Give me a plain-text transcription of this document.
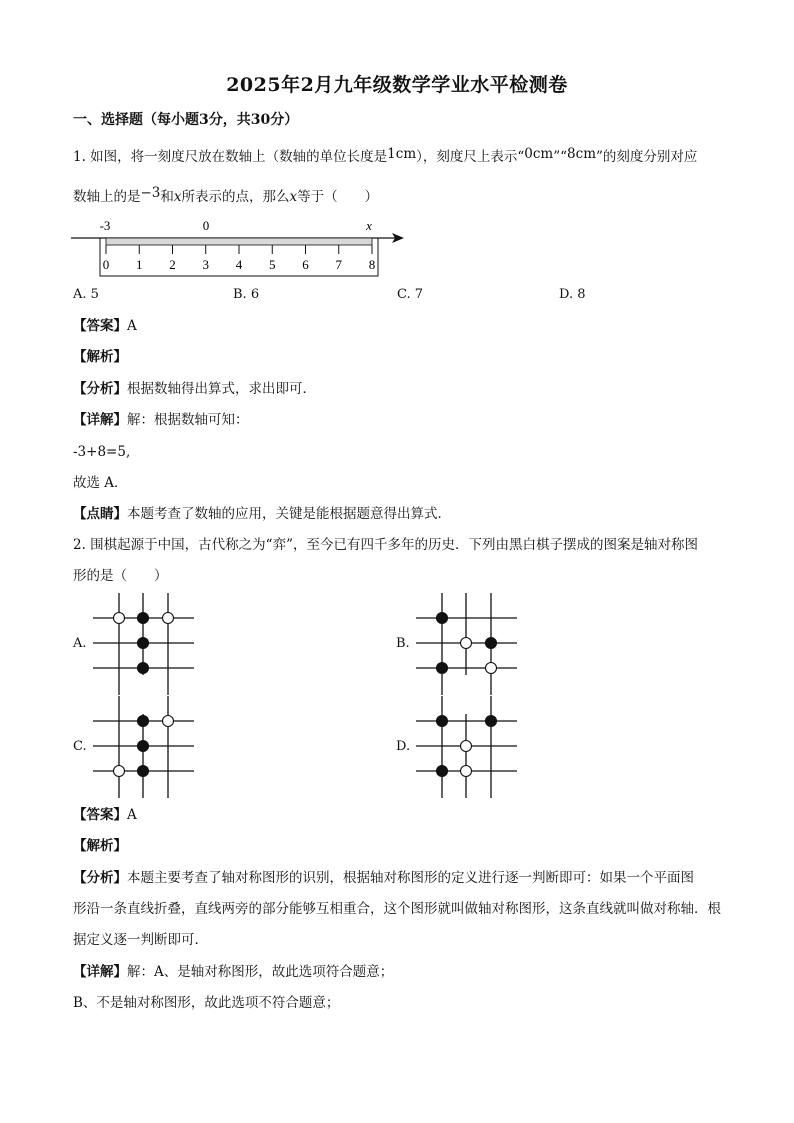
2025年2月九年级数学学业水平检测卷
一、选择题（每小题3分，共30分）
1. 如图，将一刻度尺放在数轴上（数轴的单位长度是1cm），刻度尺上表示“0cm”“8cm”的刻度分别对应
数轴上的是−3和x所表示的点，那么x等于（　　）
-3	0	x
0 1 2 3 4 5 6 7 8
A. 5	B. 6	C. 7	D. 8
【答案】A
【解析】
【分析】根据数轴得出算式，求出即可．
【详解】解：根据数轴可知：
-3+8=5,
故选 A．
【点睛】本题考查了数轴的应用，关键是能根据题意得出算式．
2. 围棋起源于中国，古代称之为“弈”，至今已有四千多年的历史．下列由黑白棋子摆成的图案是轴对称图
形的是（　　）
A.	B.
C.	D.
【答案】A
【解析】
【分析】本题主要考查了轴对称图形的识别，根据轴对称图形的定义进行逐一判断即可：如果一个平面图
形沿一条直线折叠，直线两旁的部分能够互相重合，这个图形就叫做轴对称图形，这条直线就叫做对称轴．根
据定义逐一判断即可．
【详解】解：A、是轴对称图形，故此选项符合题意；
B、不是轴对称图形，故此选项不符合题意；
